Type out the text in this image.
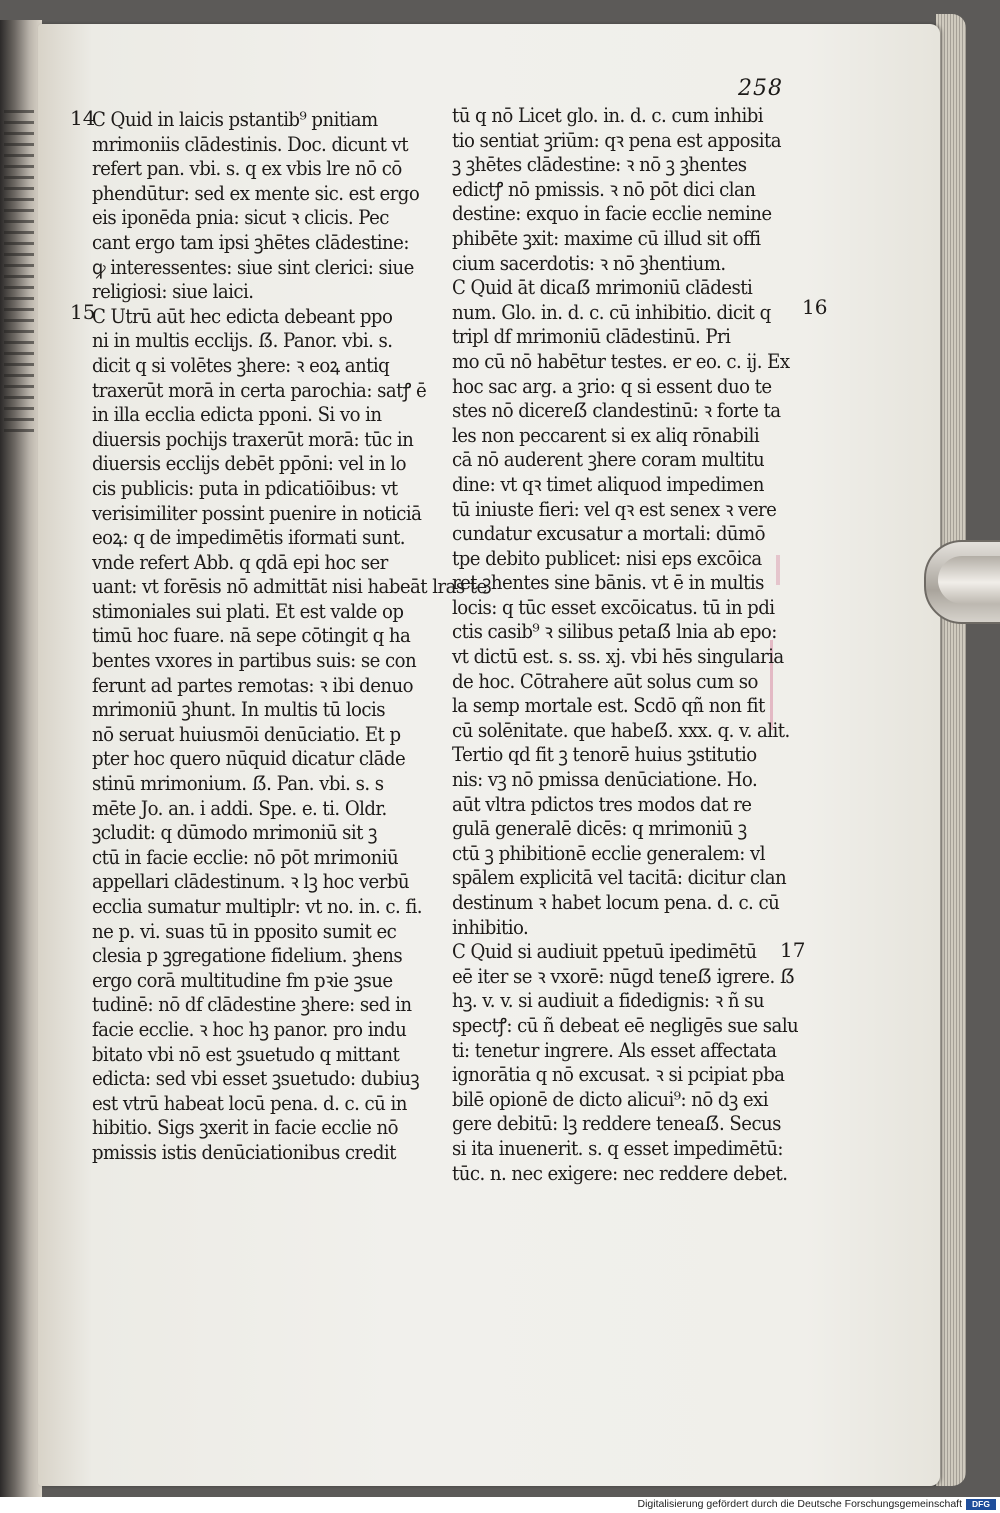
258
14
15	16
17
C Quid in laicis pstantib⁹ pnitiam
mrimoniis clādestinis. Doc. dicunt vt
refert pan. vbi. s. q ex vbis lre nō cō
phendūtur: sed ex mente sic. est ergo
eis iponēda pnia: sicut ꝛ clicis. Pec
cant ergo tam ipsi ꝫhētes clādestine:
ꝙ interessentes: siue sint clerici: siue
religiosi: siue laici.
C Utrū aūt hec edicta debeant ppo
ni in multis ecclijs. ẞ. Panor. vbi. s.
dicit q si volētes ꝫhere: ꝛ eoꝝ antiq
traxerūt morā in certa parochia: satꝭ ē
in illa ecclia edicta pponi. Si vo in
diuersis pochijs traxerūt morā: tūc in
diuersis ecclijs debēt ppōni: vel in lo
cis publicis: puta in pdicatiōibus: vt
verisimiliter possint puenire in noticiā
eoꝝ: q de impedimētis iformati sunt.
vnde refert Abb. q qdā epi hoc ser
uant: vt forēsis nō admittāt nisi habeāt lras te
stimoniales sui plati. Et est valde op
timū hoc fuare. nā sepe cōtingit q ha
bentes vxores in partibus suis: se con
ferunt ad partes remotas: ꝛ ibi denuo
mrimoniū ꝫhunt. In multis tū locis
nō seruat huiusmōi denūciatio. Et p
pter hoc quero nūquid dicatur clāde
stinū mrimonium. ẞ. Pan. vbi. s. s
mēte Jo. an. i addi. Spe. e. ti. Oldr.
ꝫcludit: q dūmodo mrimoniū sit ꝫ
ctū in facie ecclie: nō pōt mrimoniū
appellari clādestinum. ꝛ lꝫ hoc verbū
ecclia sumatur multiplr: vt no. in. c. fi.
ne p. vi. suas tū in pposito sumit ec
clesia p ꝫgregatione fidelium. ꝫhens
ergo corā multitudine fm pꝛie ꝫsue
tudinē: nō df clādestine ꝫhere: sed in
facie ecclie. ꝛ hoc hꝫ panor. pro indu
bitato vbi nō est ꝫsuetudo q mittant
edicta: sed vbi esset ꝫsuetudo: dubiuꝫ
est vtrū habeat locū pena. d. c. cū in
hibitio. Sigs ꝫxerit in facie ecclie nō
pmissis istis denūciationibus credit
tū q nō Licet glo. in. d. c. cum inhibi
tio sentiat ꝫriūm: qꝛ pena est apposita
ꝫ ꝫhētes clādestine: ꝛ nō ꝫ ꝫhentes
edictꝭ nō pmissis. ꝛ nō pōt dici clan
destine: exquo in facie ecclie nemine
phibēte ꝫxit: maxime cū illud sit offi
cium sacerdotis: ꝛ nō ꝫhentium.
C Quid āt dicaẞ mrimoniū clādesti
num. Glo. in. d. c. cū inhibitio. dicit q
tripl df mrimoniū clādestinū. Pri
mo cū nō habētur testes. er eo. c. ij. Ex
hoc sac arg. a ꝫrio: q si essent duo te
stes nō dicereẞ clandestinū: ꝛ forte ta
les non peccarent si ex aliq rōnabili
cā nō auderent ꝫhere coram multitu
dine: vt qꝛ timet aliquod impedimen
tū iniuste fieri: vel qꝛ est senex ꝛ vere
cundatur excusatur a mortali: dūmō
tpe debito publicet: nisi eps excōica
ret ꝫhentes sine bānis. vt ē in multis
locis: q tūc esset excōicatus. tū in pdi
ctis casib⁹ ꝛ silibus petaẞ lnia ab epo:
vt dictū est. s. ss. xj. vbi hēs singularia
de hoc. Cōtrahere aūt solus cum so
la semp mortale est. Scdō qñ non fit
cū solēnitate. que habeẞ. xxx. q. v. alit.
Tertio qd fit ꝫ tenorē huius ꝫstitutio
nis: vꝫ nō pmissa denūciatione. Ho.
aūt vltra pdictos tres modos dat re
gulā generalē dicēs: q mrimoniū ꝫ
ctū ꝫ phibitionē ecclie generalem: vl
spālem explicitā vel tacitā: dicitur clan
destinum ꝛ habet locum pena. d. c. cū
inhibitio.
C Quid si audiuit ppetuū ipedimētū
eē iter se ꝛ vxorē: nūgd teneẞ igrere. ẞ
hꝫ. v. v. si audiuit a fidedignis: ꝛ ñ su
spectꝭ: cū ñ debeat eē negligēs sue salu
ti: tenetur ingrere. Als esset affectata
ignorātia q nō excusat. ꝛ si pcipiat pba
bilē opionē de dicto alicui⁹: nō dꝫ exi
gere debitū: lꝫ reddere teneaẞ. Secus
si ita inuenerit. s. q esset impedimētū:
tūc. n. nec exigere: nec reddere debet.
Digitalisierung gefördert durch die Deutsche Forschungsgemeinschaft	DFG
